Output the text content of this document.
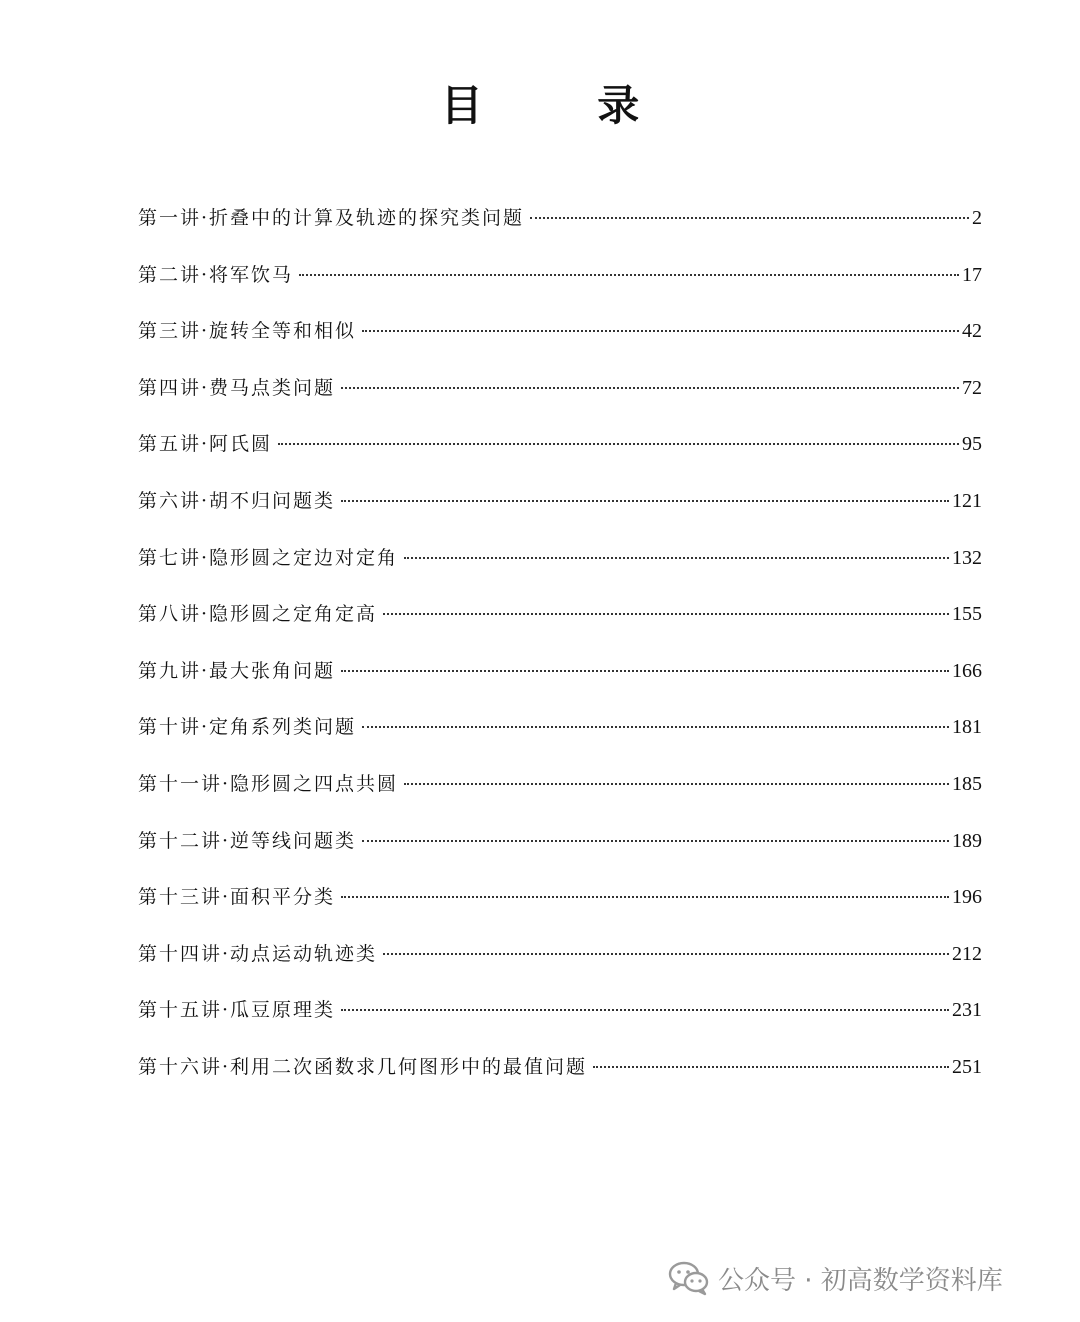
目 录
第一讲·折叠中的计算及轨迹的探究类问题	2
第二讲·将军饮马	17
第三讲·旋转全等和相似	42
第四讲·费马点类问题	72
第五讲·阿氏圆	95
第六讲·胡不归问题类	121
第七讲·隐形圆之定边对定角	132
第八讲·隐形圆之定角定高	155
第九讲·最大张角问题	166
第十讲·定角系列类问题	181
第十一讲·隐形圆之四点共圆	185
第十二讲·逆等线问题类	189
第十三讲·面积平分类	196
第十四讲·动点运动轨迹类	212
第十五讲·瓜豆原理类	231
第十六讲·利用二次函数求几何图形中的最值问题	251
公众号 · 初高数学资料库
